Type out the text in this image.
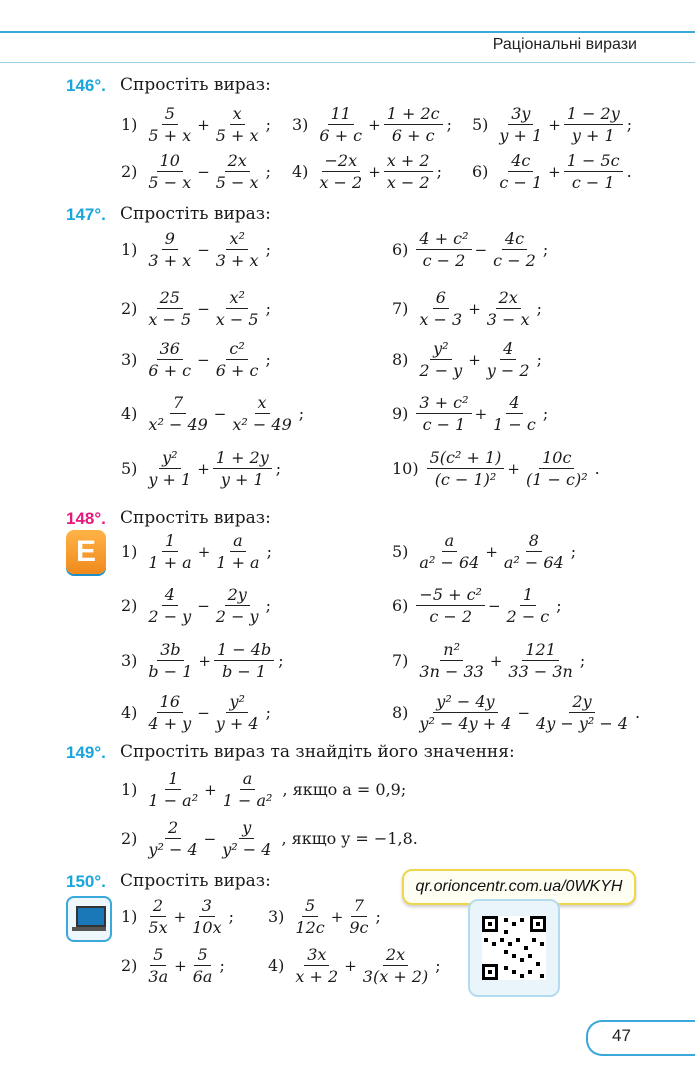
Раціональні вирази
146°. Спростіть вираз:
$1) \frac{5}{5 + x} + \frac{x}{5 + x}$ ; $3) \frac{11}{6 + c} + \frac{1 + 2c}{6 + c}$ ; $5) \frac{3y}{y + 1} + \frac{1 - 2y}{y + 1}$ ;
$2) \frac{10}{5 - x} - \frac{2x}{5 - x}$ ; $4) \frac{-2x}{x - 2} + \frac{x + 2}{x - 2}$ ; $6) \frac{4c}{c - 1} + \frac{1 - 5c}{c - 1}$ .
147°. Спростіть вираз:
$1) \frac{9}{3 + x} - \frac{\text{x²}}{3 + x}$ ;
$2) \frac{25}{x - 5} - \frac{\text{x²}}{x - 5}$ ;
$3) \frac{36}{6 + c} - \frac{\text{c²}}{6 + c}$ ;
$4) \frac{7}{\text{x² − 49}} - \frac{x}{\text{x² − 49}}$ ;
$5) \frac{\text{y²}}{y + 1} + \frac{1 + 2y}{y + 1}$ ;
$6) \frac{\text{4 + c²}}{c - 2} - \frac{4c}{c - 2}$ ;
$7) \frac{6}{x - 3} + \frac{2x}{3 - x}$ ;
$8) \frac{\text{y²}}{2 - y} + \frac{4}{y - 2}$ ;
$9) \frac{\text{3 + c²}}{c - 1} + \frac{4}{1 - c}$ ;
$10) \frac{\text{5(c² + 1)}}{\text{(c − 1)²}} + \frac{10c}{\text{(1 − c)²}}$ .
148°. Спростіть вираз:
E	$1) \frac{1}{1 + a} + \frac{a}{1 + a}$ ;
$2) \frac{4}{2 - y} - \frac{2y}{2 - y}$ ;
$3) \frac{3b}{b - 1} + \frac{1 - 4b}{b - 1}$ ;
$4) \frac{16}{4 + y} - \frac{\text{y²}}{y + 4}$ ;
$5) \frac{a}{\text{a² − 64}} + \frac{8}{\text{a² − 64}}$ ;
$6) \frac{\text{−5 + c²}}{c - 2} - \frac{1}{2 - c}$ ;
$7) \frac{\text{n²}}{3n - 33} + \frac{121}{33 - 3n}$ ;
$8) \frac{\text{y² − 4y}}{\text{y² − 4y + 4}} - \frac{2y}{\text{4y − y² − 4}}$ .
149°. Спростіть вираз та знайдіть його значення:
$1) \frac{1}{\text{1 − a²}} + \frac{a}{\text{1 − a²}}$ , якщо a = 0,9;
$2) \frac{2}{\text{y² − 4}} - \frac{y}{\text{y² − 4}}$ , якщо y = −1,8.
150°. Спростіть вираз:
$1) \frac{2}{5x} + \frac{3}{10x}$ ; $3) \frac{5}{12c} + \frac{7}{9c}$ ;
$2) \frac{5}{3a} + \frac{5}{6a}$ ;	$4) \frac{3x}{x + 2} + \frac{2x}{3(x + 2)}$ ;
qr.orioncentr.com.ua/0WKYH
47
